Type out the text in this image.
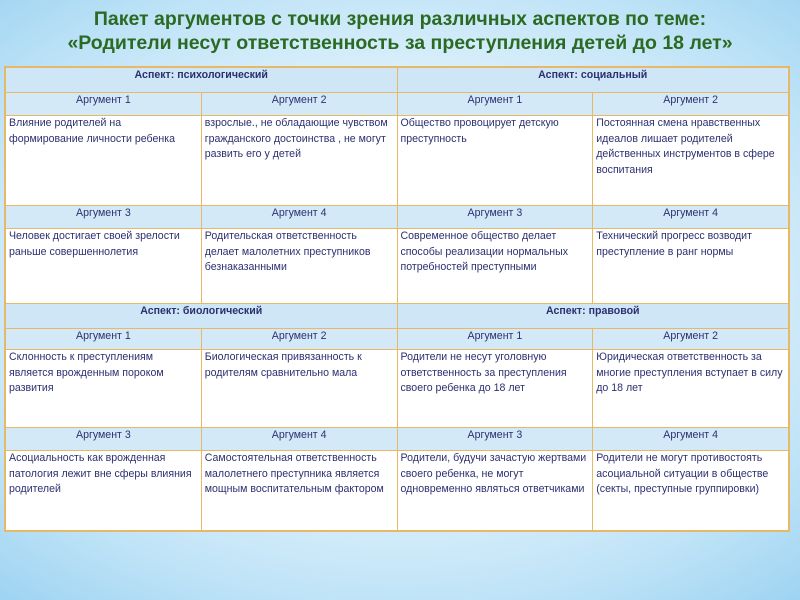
Пакет аргументов с точки зрения различных аспектов по теме:
«Родители несут ответственность за преступления детей до 18 лет»
Аспект: психологический		Аспект: социальный	
Аргумент 1	Аргумент 2	Аргумент 1	Аргумент 2

Влияние родителей на формирование личности ребенка	взрослые., не обладающие чувством гражданского достоинства , не могут развить его у детей	Общество провоцирует детскую преступность	Постоянная смена нравственных идеалов лишает родителей действенных инструментов в сфере воспитания

Аргумент 3	Аргумент 4	Аргумент 3	Аргумент 4

Человек достигает своей зрелости раньше совершеннолетия	Родительская ответственность делает малолетних преступников безнаказанными	Современное общество делает способы реализации нормальных потребностей преступными	Технический прогресс возводит преступление в ранг нормы

Аспект: биологический		Аспект: правовой	
Аргумент 1	Аргумент 2	Аргумент 1	Аргумент 2

Склонность к преступлениям является врожденным пороком развития	Биологическая привязанность к родителям сравнительно мала	Родители не несут уголовную ответственность за преступления своего ребенка до 18 лет	Юридическая ответственность за многие преступления вступает в силу до 18 лет

Аргумент 3	Аргумент 4	Аргумент 3	Аргумент 4

Асоциальность как врожденная патология лежит вне сферы влияния родителей	Самостоятельная ответственность малолетнего преступника является мощным воспитательным фактором	Родители, будучи зачастую жертвами своего ребенка, не могут одновременно являться ответчиками	Родители не могут противостоять асоциальной ситуации в обществе (секты, преступные группировки)
